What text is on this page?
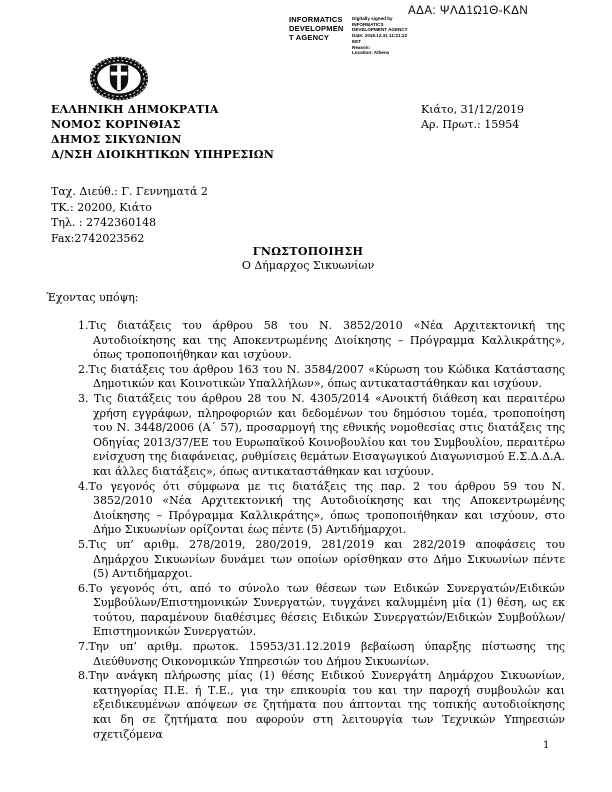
ΑΔΑ: ΨΛΔ1Ω1Θ-ΚΔΝ
INFORMATICS DEVELOPMENT AGENCY
Digitally signed by
INFORMATICS
DEVELOPMENT AGENCY
Date: 2019.12.31 11:21:22
EET
Reason:
Location: Athens
ΕΛΛΗΝΙΚΗ ΔΗΜΟΚΡΑΤΙΑ
ΝΟΜΟΣ ΚΟΡΙΝΘΙΑΣ
ΔΗΜΟΣ ΣΙΚΥΩΝΙΩΝ
Δ/ΝΣΗ ΔΙΟΙΚΗΤΙΚΩΝ ΥΠΗΡΕΣΙΩΝ
Κιάτο, 31/12/2019
Αρ. Πρωτ.: 15954
Ταχ. Διεύθ.: Γ. Γεννηματά 2
ΤΚ.: 20200, Κιάτο
Τηλ. : 2742360148
Fax:2742023562
ΓΝΩΣΤΟΠΟΙΗΣΗ
Ο Δήμαρχος Σικυωνίων
Έχοντας υπόψη:
1.Τις διατάξεις του άρθρου 58 του Ν. 3852/2010 «Νέα Αρχιτεκτονική της Αυτοδιοίκησης και της Αποκεντρωμένης Διοίκησης – Πρόγραμμα Καλλικράτης», όπως τροποποιήθηκαν και ισχύουν.
2.Τις διατάξεις του άρθρου 163 του Ν. 3584/2007 «Κύρωση του Κώδικα Κατάστασης Δημοτικών και Κοινοτικών Υπαλλήλων», όπως αντικαταστάθηκαν και ισχύουν.
3. Τις διατάξεις του άρθρου 28 του Ν. 4305/2014 «Ανοικτή διάθεση και περαιτέρω χρήση εγγράφων, πληροφοριών και δεδομένων του δημόσιου τομέα, τροποποίηση του Ν. 3448/2006 (Α΄ 57), προσαρμογή της εθνικής νομοθεσίας στις διατάξεις της Οδηγίας 2013/37/ΕΕ του Ευρωπαϊκού Κοινοβουλίου και του Συμβουλίου, περαιτέρω ενίσχυση της διαφάνειας, ρυθμίσεις θεμάτων Εισαγωγικού Διαγωνισμού Ε.Σ.Δ.Δ.Α. και άλλες διατάξεις», όπως αντικαταστάθηκαν και ισχύουν.
4.Το γεγονός ότι σύμφωνα με τις διατάξεις της παρ. 2 του άρθρου 59 του Ν. 3852/2010 «Νέα Αρχιτεκτονική της Αυτοδιοίκησης και της Αποκεντρωμένης Διοίκησης – Πρόγραμμα Καλλικράτης», όπως τροποποιήθηκαν και ισχύουν, στο Δήμο Σικυωνίων ορίζονται έως πέντε (5) Αντιδήμαρχοι.
5.Τις υπ’ αριθμ. 278/2019, 280/2019, 281/2019 και 282/2019 αποφάσεις του Δημάρχου Σικυωνίων δυνάμει των οποίων ορίσθηκαν στο Δήμο Σικυωνίων πέντε (5) Αντιδήμαρχοι.
6.Το γεγονός ότι, από το σύνολο των θέσεων των Ειδικών Συνεργατών/Ειδικών Συμβούλων/Επιστημονικών Συνεργατών, τυγχάνει καλυμμένη μία (1) θέση, ως εκ τούτου, παραμένουν διαθέσιμες θέσεις Ειδικών Συνεργατών/Ειδικών Συμβούλων/Επιστημονικών Συνεργατών.
7.Την υπ’ αριθμ. πρωτοκ. 15953/31.12.2019 βεβαίωση ύπαρξης πίστωσης της Διεύθυνσης Οικονομικών Υπηρεσιών του Δήμου Σικυωνίων.
8.Την ανάγκη πλήρωσης μίας (1) θέσης Ειδικού Συνεργάτη Δημάρχου Σικυωνίων, κατηγορίας Π.Ε. ή Τ.Ε., για την επικουρία του και την παροχή συμβουλών και εξειδικευμένων απόψεων σε ζητήματα που άπτονται της τοπικής αυτοδιοίκησης και δη σε ζητήματα που αφορούν στη λειτουργία των Τεχνικών Υπηρεσιών σχετιζόμενα
1
